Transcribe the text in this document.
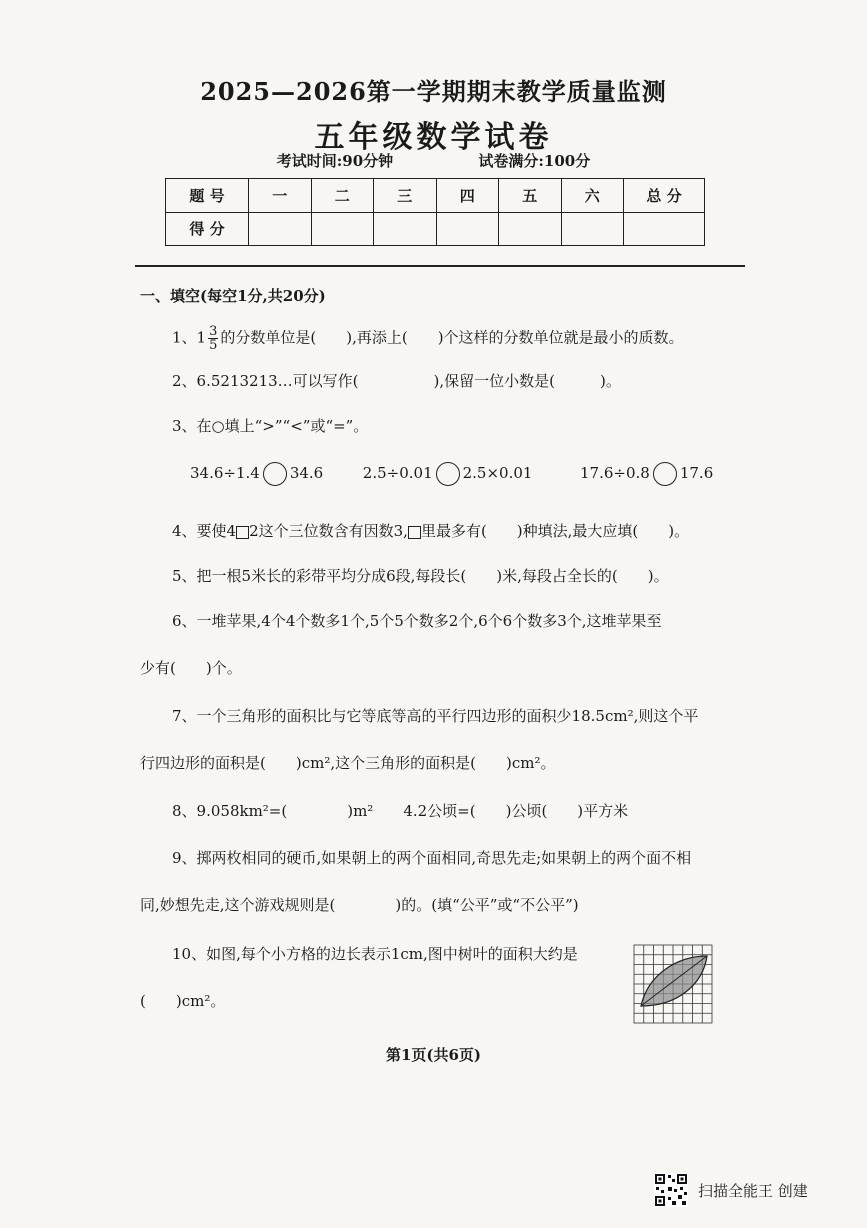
2025—2026第一学期期末教学质量监测
五年级数学试卷
考试时间:90分钟	试卷满分:100分
题 号	一	二	三	四	五	六	总 分
得 分							
一、填空(每空1分,共20分)
1、$1 \frac{3}{5}$ 的分数单位是(　　),再添上(　　)个这样的分数单位就是最小的质数。
2、6.5213213…可以写作(　　　　　),保留一位小数是(　　　)。
3、在○填上“>”“<”或“=”。
34.6÷1.4 34.6	2.5÷0.01 2.5×0.01	17.6÷0.8 17.6
4、要使4 2这个三位数含有因数3, 里最多有(　　)种填法,最大应填(　　)。
5、把一根5米长的彩带平均分成6段,每段长(　　)米,每段占全长的(　　)。
6、一堆苹果,4个4个数多1个,5个5个数多2个,6个6个数多3个,这堆苹果至
少有(　　)个。
7、一个三角形的面积比与它等底等高的平行四边形的面积少18.5cm²,则这个平
行四边形的面积是(　　)cm²,这个三角形的面积是(　　)cm²。
8、9.058km²=(　　　　)m²　　4.2公顷=(　　)公顷(　　)平方米
9、掷两枚相同的硬币,如果朝上的两个面相同,奇思先走;如果朝上的两个面不相
同,妙想先走,这个游戏规则是(　　　　)的。(填“公平”或“不公平”)
10、如图,每个小方格的边长表示1cm,图中树叶的面积大约是
(　　)cm²。
第1页(共6页)
扫描全能王 创建
